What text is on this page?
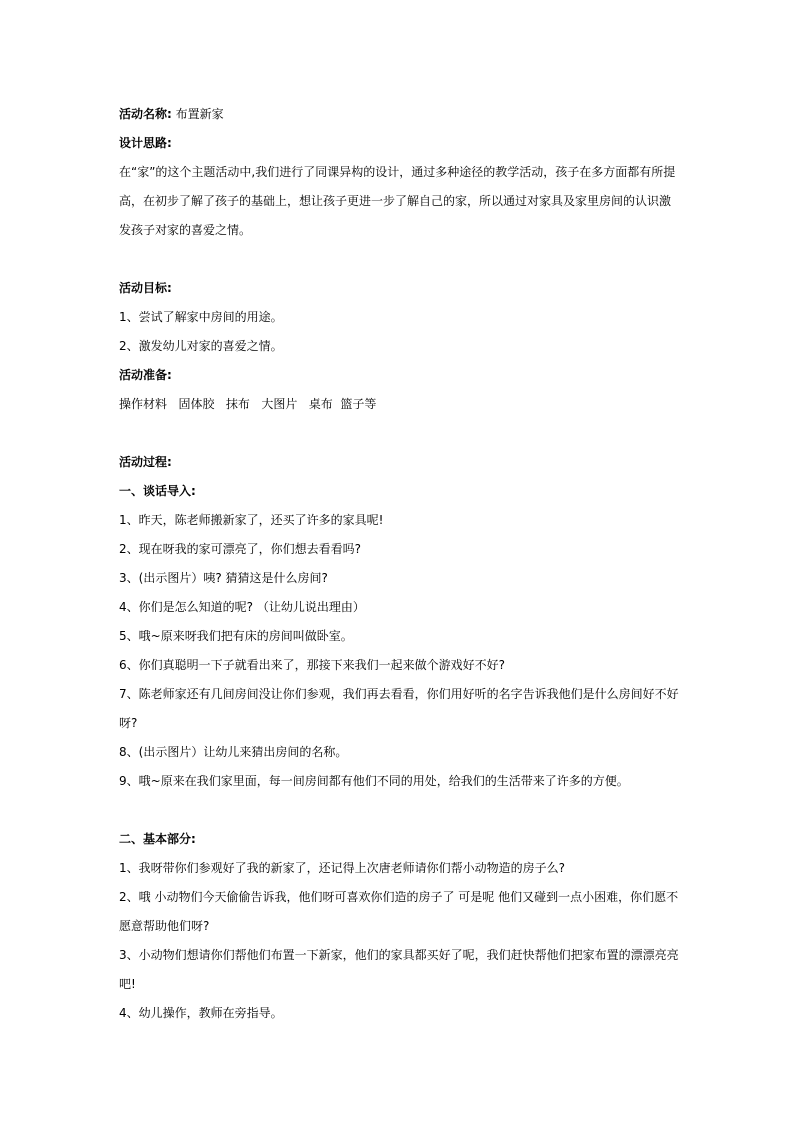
活动名称: 布置新家

设计思路:

在“家”的这个主题活动中,我们进行了同课异构的设计，通过多种途径的教学活动，孩子在多方面都有所提高，在初步了解了孩子的基础上，想让孩子更进一步了解自己的家，所以通过对家具及家里房间的认识激发孩子对家的喜爱之情。

活动目标:

1、尝试了解家中房间的用途。

2、激发幼儿对家的喜爱之情。

活动准备:

操作材料   固体胶   抹布   大图片   桌布  篮子等

活动过程:

一、谈话导入:

1、昨天，陈老师搬新家了，还买了许多的家具呢!

2、现在呀我的家可漂亮了，你们想去看看吗?

3、(出示图片）咦? 猜猜这是什么房间?

4、你们是怎么知道的呢? （让幼儿说出理由）

5、哦~原来呀我们把有床的房间叫做卧室。

6、你们真聪明一下子就看出来了，那接下来我们一起来做个游戏好不好?

7、陈老师家还有几间房间没让你们参观，我们再去看看，你们用好听的名字告诉我他们是什么房间好不好呀?

8、(出示图片）让幼儿来猜出房间的名称。

9、哦~原来在我们家里面，每一间房间都有他们不同的用处，给我们的生活带来了许多的方便。

二、基本部分:

1、我呀带你们参观好了我的新家了，还记得上次唐老师请你们帮小动物造的房子么?

2、哦 小动物们今天偷偷告诉我，他们呀可喜欢你们造的房子了 可是呢 他们又碰到一点小困难，你们愿不愿意帮助他们呀?

3、小动物们想请你们帮他们布置一下新家，他们的家具都买好了呢，我们赶快帮他们把家布置的漂漂亮亮吧!

4、幼儿操作，教师在旁指导。
